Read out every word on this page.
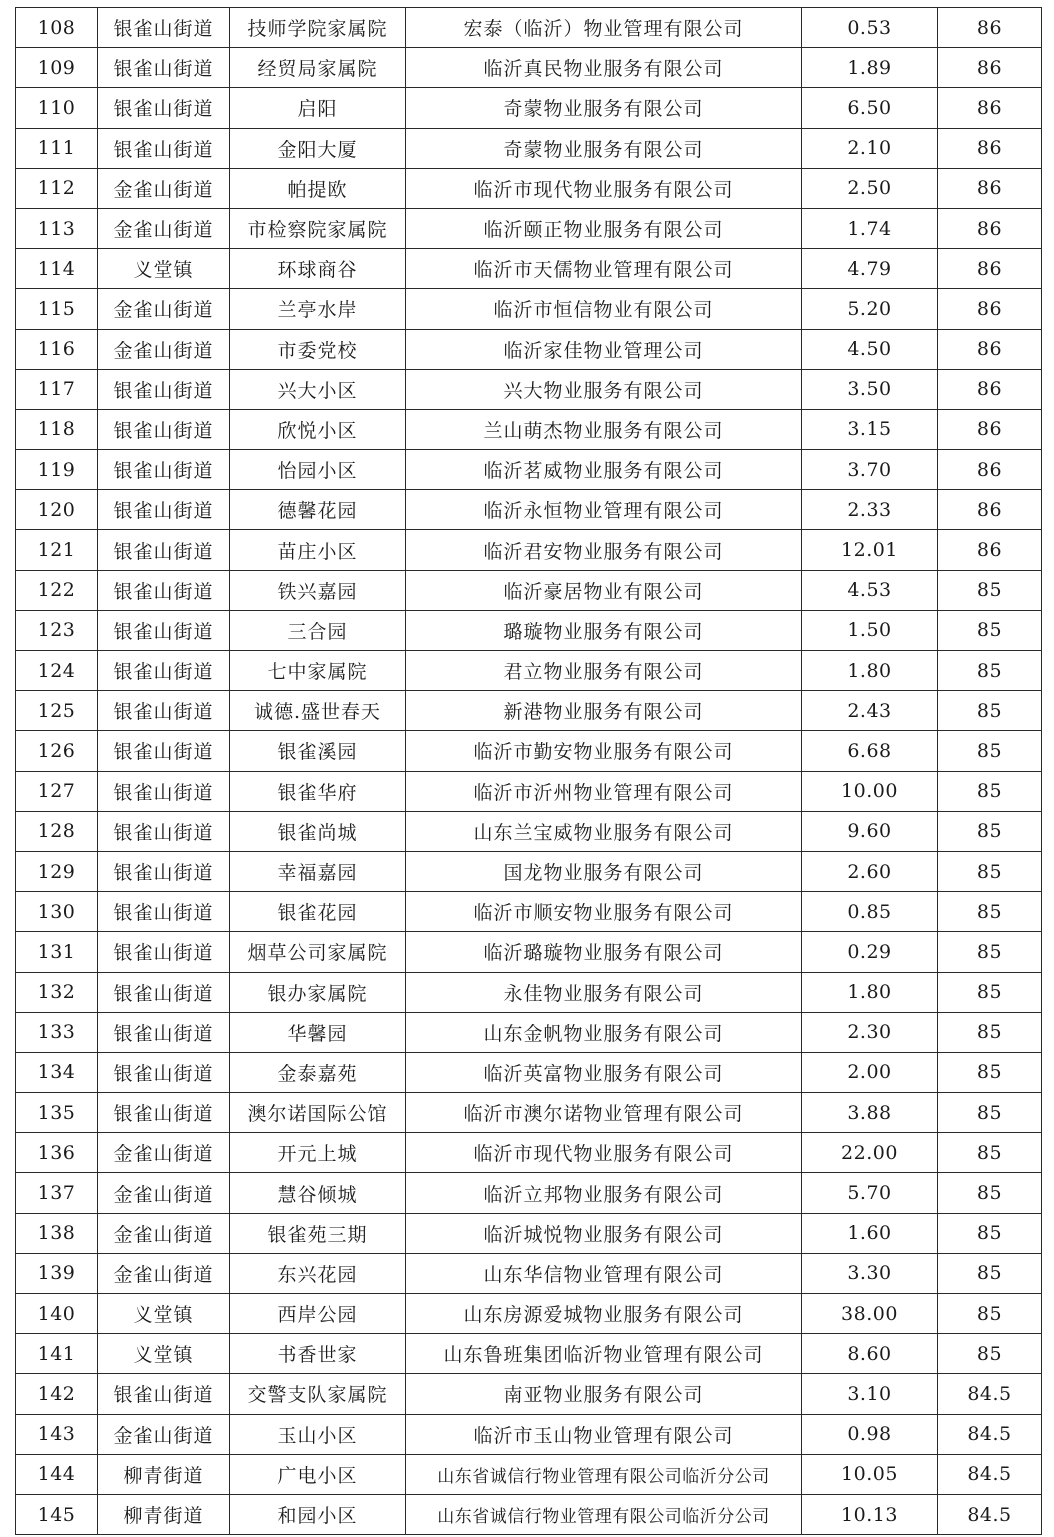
108	银雀山街道	技师学院家属院	宏泰（临沂）物业管理有限公司	0.53	86
109	银雀山街道	经贸局家属院	临沂真民物业服务有限公司	1.89	86
110	银雀山街道	启阳	奇蒙物业服务有限公司	6.50	86
111	银雀山街道	金阳大厦	奇蒙物业服务有限公司	2.10	86
112	金雀山街道	帕提欧	临沂市现代物业服务有限公司	2.50	86
113	金雀山街道	市检察院家属院	临沂颐正物业服务有限公司	1.74	86
114	义堂镇	环球商谷	临沂市天儒物业管理有限公司	4.79	86
115	金雀山街道	兰亭水岸	临沂市恒信物业有限公司	5.20	86
116	金雀山街道	市委党校	临沂家佳物业管理公司	4.50	86
117	银雀山街道	兴大小区	兴大物业服务有限公司	3.50	86
118	银雀山街道	欣悦小区	兰山萌杰物业服务有限公司	3.15	86
119	银雀山街道	怡园小区	临沂茗威物业服务有限公司	3.70	86
120	银雀山街道	德馨花园	临沂永恒物业管理有限公司	2.33	86
121	银雀山街道	苗庄小区	临沂君安物业服务有限公司	12.01	86
122	银雀山街道	铁兴嘉园	临沂豪居物业有限公司	4.53	85
123	银雀山街道	三合园	璐璇物业服务有限公司	1.50	85
124	银雀山街道	七中家属院	君立物业服务有限公司	1.80	85
125	银雀山街道	诚德.盛世春天	新港物业服务有限公司	2.43	85
126	银雀山街道	银雀溪园	临沂市勤安物业服务有限公司	6.68	85
127	银雀山街道	银雀华府	临沂市沂州物业管理有限公司	10.00	85
128	银雀山街道	银雀尚城	山东兰宝威物业服务有限公司	9.60	85
129	银雀山街道	幸福嘉园	国龙物业服务有限公司	2.60	85
130	银雀山街道	银雀花园	临沂市顺安物业服务有限公司	0.85	85
131	银雀山街道	烟草公司家属院	临沂璐璇物业服务有限公司	0.29	85
132	银雀山街道	银办家属院	永佳物业服务有限公司	1.80	85
133	银雀山街道	华馨园	山东金帆物业服务有限公司	2.30	85
134	银雀山街道	金泰嘉苑	临沂英富物业服务有限公司	2.00	85
135	银雀山街道	澳尔诺国际公馆	临沂市澳尔诺物业管理有限公司	3.88	85
136	金雀山街道	开元上城	临沂市现代物业服务有限公司	22.00	85
137	金雀山街道	慧谷倾城	临沂立邦物业服务有限公司	5.70	85
138	金雀山街道	银雀苑三期	临沂城悦物业服务有限公司	1.60	85
139	金雀山街道	东兴花园	山东华信物业管理有限公司	3.30	85
140	义堂镇	西岸公园	山东房源爱城物业服务有限公司	38.00	85
141	义堂镇	书香世家	山东鲁班集团临沂物业管理有限公司	8.60	85
142	银雀山街道	交警支队家属院	南亚物业服务有限公司	3.10	84.5
143	金雀山街道	玉山小区	临沂市玉山物业管理有限公司	0.98	84.5
144	柳青街道	广电小区	山东省诚信行物业管理有限公司临沂分公司	10.05	84.5
145	柳青街道	和园小区	山东省诚信行物业管理有限公司临沂分公司	10.13	84.5
